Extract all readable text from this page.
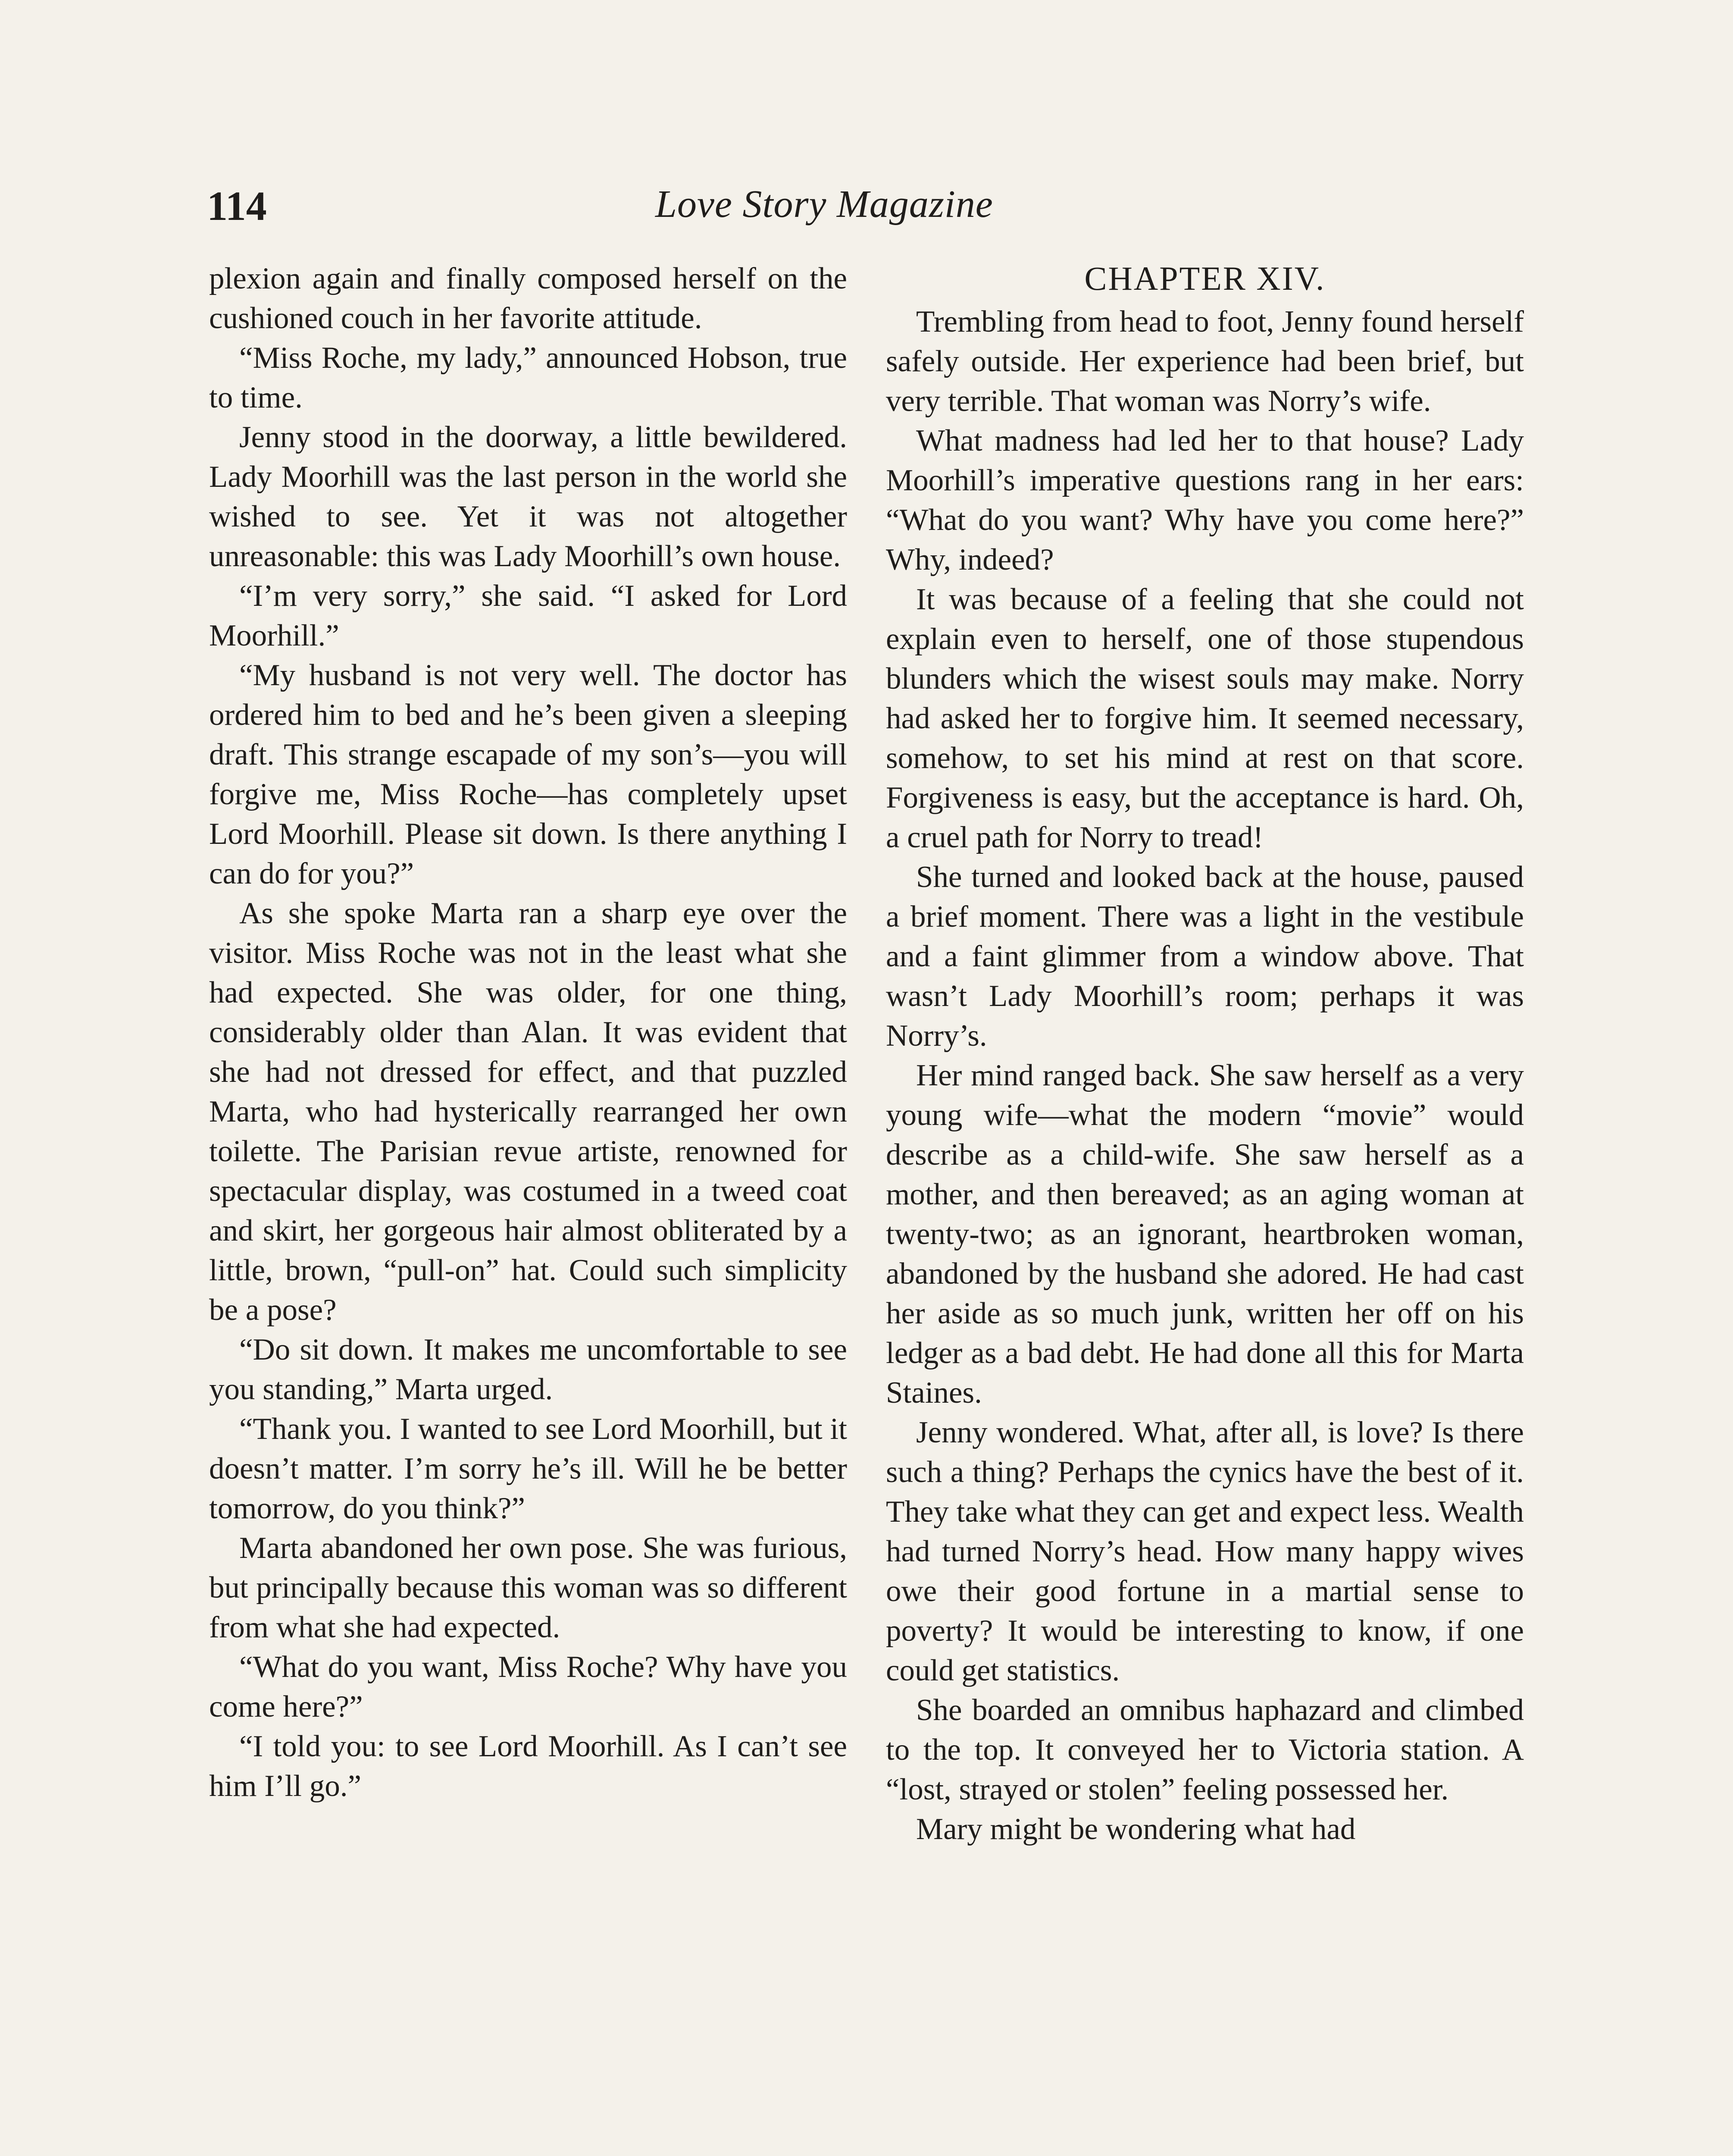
114	Love Story Magazine

plexion again and finally composed herself on the cushioned couch in her favorite attitude.

“Miss Roche, my lady,” announced Hobson, true to time.

Jenny stood in the doorway, a little bewildered. Lady Moorhill was the last person in the world she wished to see. Yet it was not altogether unreasonable: this was Lady Moorhill’s own house.

“I’m very sorry,” she said. “I asked for Lord Moorhill.”

“My husband is not very well. The doctor has ordered him to bed and he’s been given a sleeping draft. This strange escapade of my son’s—you will forgive me, Miss Roche—has completely upset Lord Moorhill. Please sit down. Is there anything I can do for you?”

As she spoke Marta ran a sharp eye over the visitor. Miss Roche was not in the least what she had expected. She was older, for one thing, considerably older than Alan. It was evident that she had not dressed for effect, and that puzzled Marta, who had hysterically rearranged her own toilette. The Parisian revue artiste, renowned for spectacular display, was costumed in a tweed coat and skirt, her gorgeous hair almost obliterated by a little, brown, “pull-on” hat. Could such simplicity be a pose?

“Do sit down. It makes me uncomfortable to see you standing,” Marta urged.

“Thank you. I wanted to see Lord Moorhill, but it doesn’t matter. I’m sorry he’s ill. Will he be better tomorrow, do you think?”

Marta abandoned her own pose. She was furious, but principally because this woman was so different from what she had expected.

“What do you want, Miss Roche? Why have you come here?”

“I told you: to see Lord Moorhill. As I can’t see him I’ll go.”

CHAPTER XIV.

Trembling from head to foot, Jenny found herself safely outside. Her experience had been brief, but very terrible. That woman was Norry’s wife.

What madness had led her to that house? Lady Moorhill’s imperative questions rang in her ears: “What do you want? Why have you come here?” Why, indeed?

It was because of a feeling that she could not explain even to herself, one of those stupendous blunders which the wisest souls may make. Norry had asked her to forgive him. It seemed necessary, somehow, to set his mind at rest on that score. Forgiveness is easy, but the acceptance is hard. Oh, a cruel path for Norry to tread!

She turned and looked back at the house, paused a brief moment. There was a light in the vestibule and a faint glimmer from a window above. That wasn’t Lady Moorhill’s room; perhaps it was Norry’s.

Her mind ranged back. She saw herself as a very young wife—what the modern “movie” would describe as a child-wife. She saw herself as a mother, and then bereaved; as an aging woman at twenty-two; as an ignorant, heartbroken woman, abandoned by the husband she adored. He had cast her aside as so much junk, written her off on his ledger as a bad debt. He had done all this for Marta Staines.

Jenny wondered. What, after all, is love? Is there such a thing? Perhaps the cynics have the best of it. They take what they can get and expect less. Wealth had turned Norry’s head. How many happy wives owe their good fortune in a martial sense to poverty? It would be interesting to know, if one could get statistics.

She boarded an omnibus haphazard and climbed to the top. It conveyed her to Victoria station. A “lost, strayed or stolen” feeling possessed her.

Mary might be wondering what had
